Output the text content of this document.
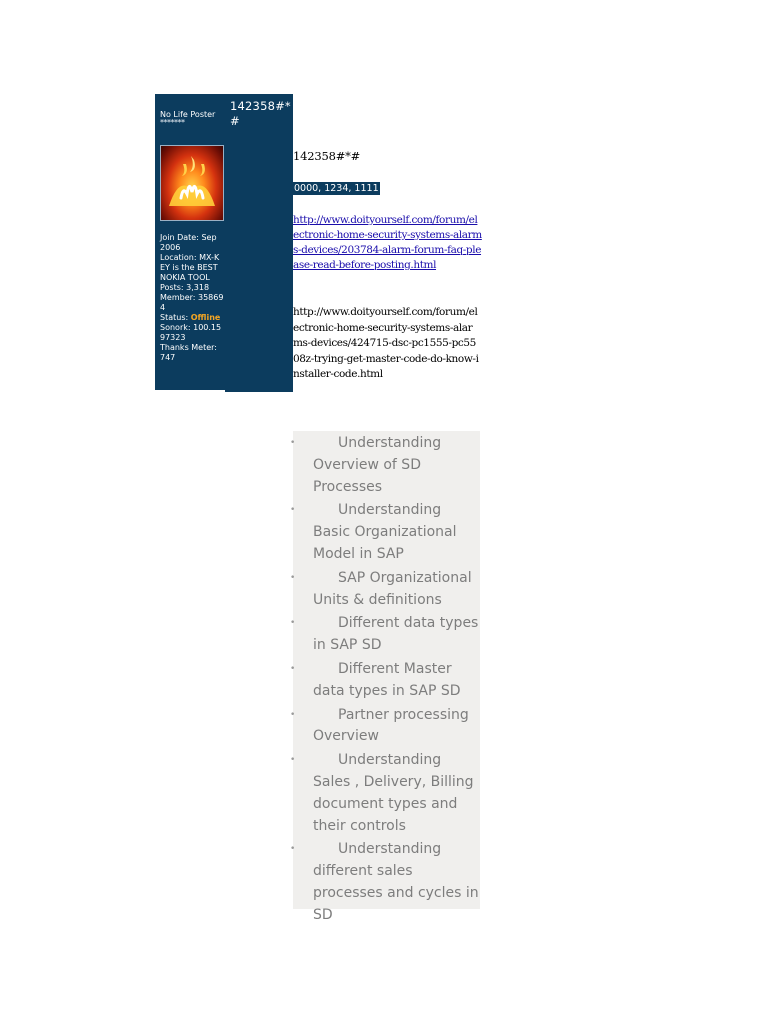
No Life Poster
*******
Join Date: Sep 2006
Location: MX-KEY is the BEST NOKIA TOOL
Posts: 3,318
Member: 358694
Status: Offline
Sonork: 100.1597323
Thanks Meter: 747
142358#*#
142358#*#
0000, 1234, 1111
http://www.doityourself.com/forum/electronic-home-security-systems-alarms-devices/203784-alarm-forum-faq-please-read-before-posting.html
http://www.doityourself.com/forum/electronic-home-security-systems-alarms-devices/424715-dsc-pc1555-pc5508z-trying-get-master-code-do-know-installer-code.html
•	Understanding Overview of SD Processes
•	Understanding Basic Organizational Model in SAP
•	SAP Organizational Units & definitions
•	Different data types in SAP SD
•	Different Master data types in SAP SD
•	Partner processing Overview
•	Understanding Sales , Delivery, Billing document types and their controls
•	Understanding different sales processes and cycles in SD
